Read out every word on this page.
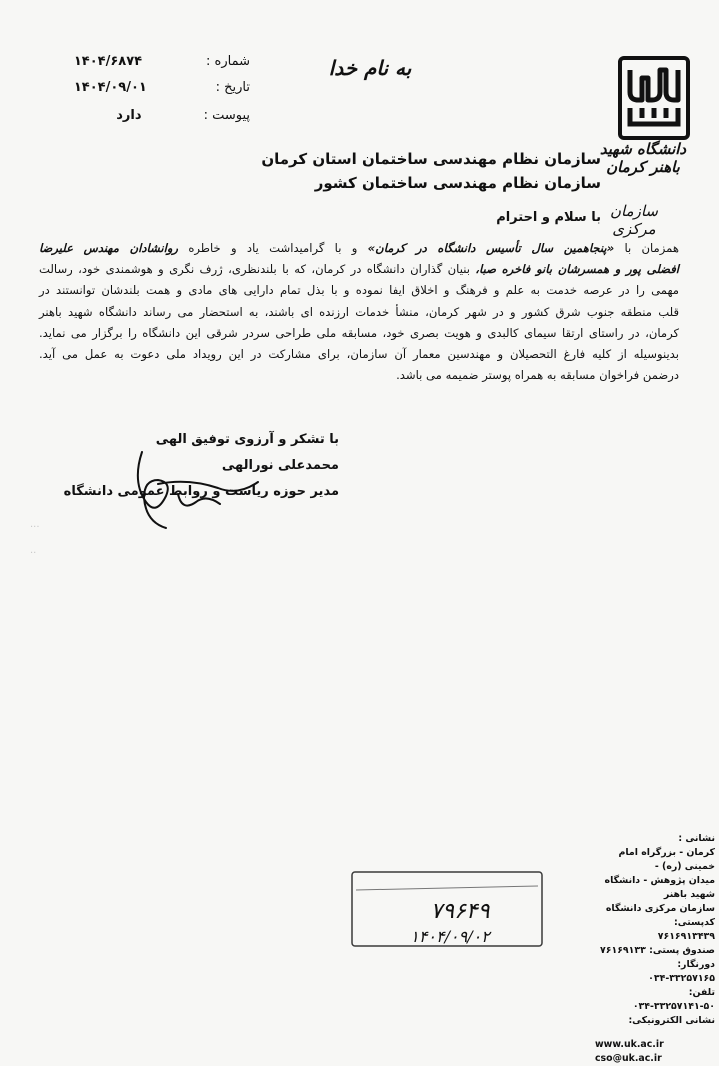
دانشگاه شهید باهنر کرمان
سازمان مرکزی
به نام خدا
شماره : ۱۴۰۴/۶۸۷۴
تاریخ : ۱۴۰۴/۰۹/۰۱
پیوست : دارد
سازمان نظام مهندسی ساختمان استان کرمان
سازمان نظام مهندسی ساختمان کشور
با سلام و احترام
همزمان با «پنجاهمین سال تأسیس دانشگاه در کرمان» و با گرامیداشت یاد و خاطره روانشادان مهندس علیرضا
افضلی پور و همسرشان بانو فاخره صبا، بنیان گذاران دانشگاه در کرمان، که با بلندنظری، ژرف نگری و هوشمندی خود، رسالت
مهمی را در عرصه خدمت به علم و فرهنگ و اخلاق ایفا نموده و با بذل تمام دارایی های مادی و همت بلندشان توانستند در
قلب منطقه جنوب شرق کشور و در شهر کرمان، منشأ خدمات ارزنده ای باشند، به استحضار می رساند دانشگاه شهید باهنر
کرمان، در راستای ارتقا سیمای کالبدی و هویت بصری خود، مسابقه ملی طراحی سردر شرقی این دانشگاه را برگزار می نماید.
بدینوسیله از کلیه فارغ التحصیلان و مهندسین معمار آن سازمان، برای مشارکت در این رویداد ملی دعوت به عمل می آید.
درضمن فراخوان مسابقه به همراه پوستر ضمیمه می باشد.
با تشکر و آرزوی توفیق الهی
محمدعلی نورالهی
مدیر حوزه ریاست و روابط عمومی دانشگاه
···
··
نشانی :
کرمان - بزرگراه امام خمینی (ره) -
میدان پژوهش - دانشگاه شهید باهنر
سازمان مرکزی دانشگاه
کدپستی:
۷۶۱۶۹۱۳۴۳۹
صندوق پستی: ۷۶۱۶۹۱۳۳
دورنگار:
۰۳۴-۳۳۲۵۷۱۶۵
تلفن:
۰۳۴-۳۳۲۵۷۱۴۱-۵۰
نشانی الکترونیکی:
www.uk.ac.ir
cso@uk.ac.ir
۷۹۶۴۹
۱۴۰۴/۰۹/۰۲
